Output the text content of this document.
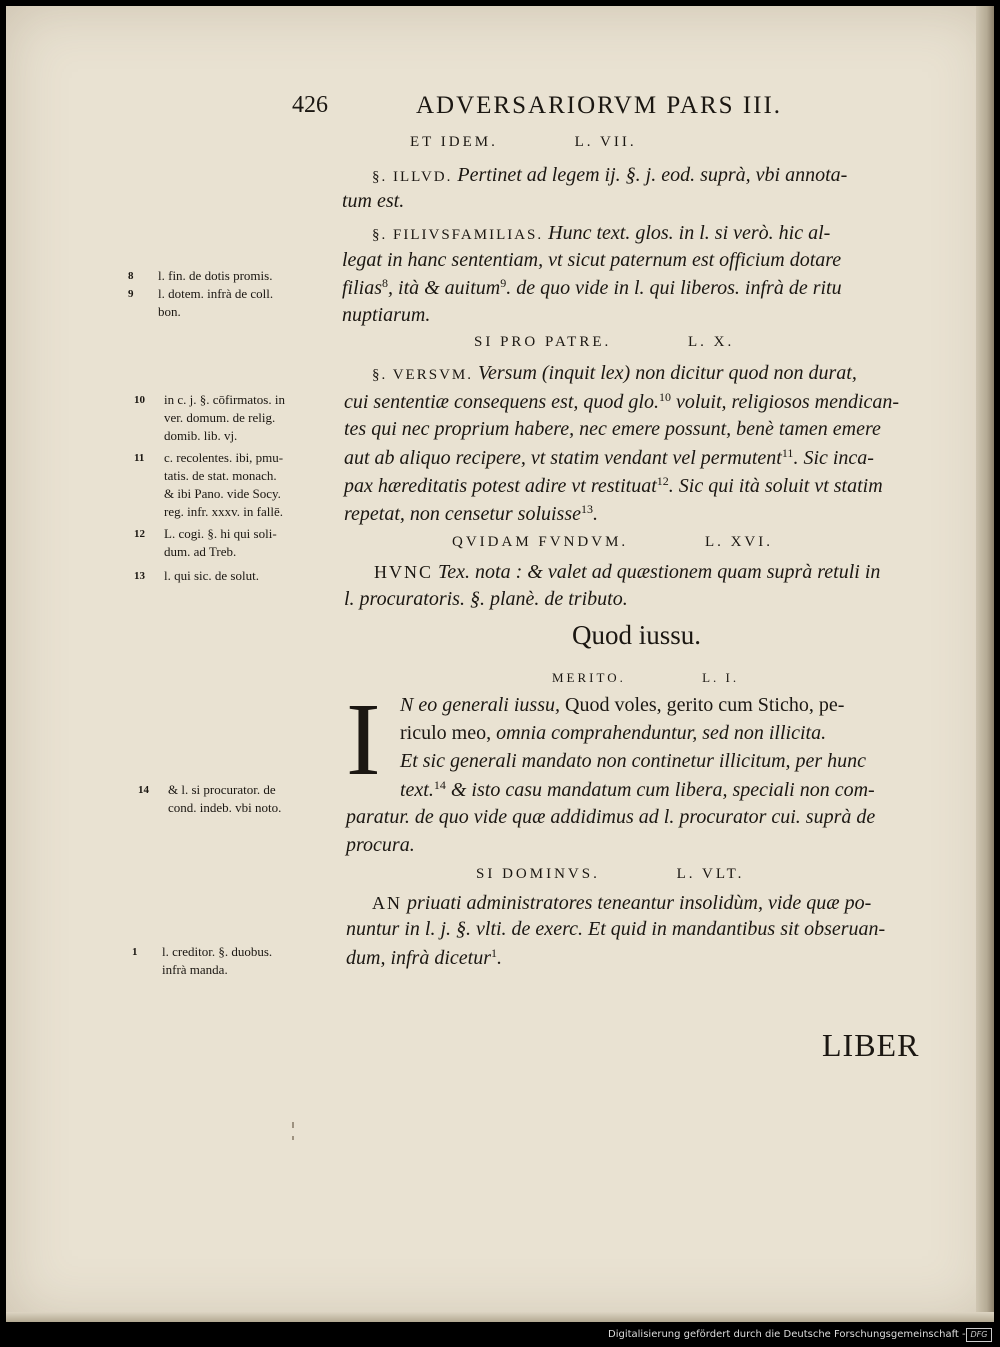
426	ADVERSARIORVM PARS III.
ET IDEM.	L. VII.
SI PRO PATRE.	L. X.
QVIDAM FVNDVM.	L. XVI.
Quod iussu.
MERITO.	L. I.
SI DOMINVS.	L. VLT.
I
§. ILLVD. Pertinet ad legem ij. §. j. eod. suprà, vbi annota-
tum est.
§. FILIVSFAMILIAS. Hunc text. glos. in l. si verò. hic al-
legat in hanc sententiam, vt sicut paternum est officium dotare
filias$^8$, ità & auitum$^9$. de quo vide in l. qui liberos. infrà de ritu
nuptiarum.
§. VERSVM. Versum (inquit lex) non dicitur quod non durat,
cui sententiæ consequens est, quod glo.$^{10}$ voluit, religiosos mendican-
tes qui nec proprium habere, nec emere possunt, benè tamen emere
aut ab aliquo recipere, vt statim vendant vel permutent$^{11}$. Sic inca-
pax hæreditatis potest adire vt restituat$^{12}$. Sic qui ità soluit vt statim
repetat, non censetur soluisse$^{13}$.
HVNC Tex. nota : & valet ad quæstionem quam suprà retuli in
l. procuratoris. §. planè. de tributo.
N eo generali iussu, Quod voles, gerito cum Sticho, pe-
riculo meo, omnia comprahenduntur, sed non illicita.
Et sic generali mandato non continetur illicitum, per hunc
text.$^{14}$ & isto casu mandatum cum libera, speciali non com-
paratur. de quo vide quæ addidimus ad l. procurator cui. suprà de
procura.
AN priuati administratores teneantur insolidùm, vide quæ po-
nuntur in l. j. §. vlti. de exerc. Et quid in mandantibus sit obseruan-
dum, infrà dicetur$^1$.
8 l. fin. de dotis promis.
9 l. dotem. infrà de coll.
bon.
10 in c. j. §. cōfirmatos. in
ver. domum. de relig.
domib. lib. vj.
11 c. recolentes. ibi, pmu-
tatis. de stat. monach.
& ibi Pano. vide Socy.
reg. infr. xxxv. in fallē.
12 L. cogi. §. hi qui soli-
dum. ad Treb.
13 l. qui sic. de solut.
14 & l. si procurator. de
cond. indeb. vbi noto.
1 l. creditor. §. duobus.
infrà manda.
LIBER
Digitalisierung gefördert durch die Deutsche Forschungsgemeinschaft - DFG
